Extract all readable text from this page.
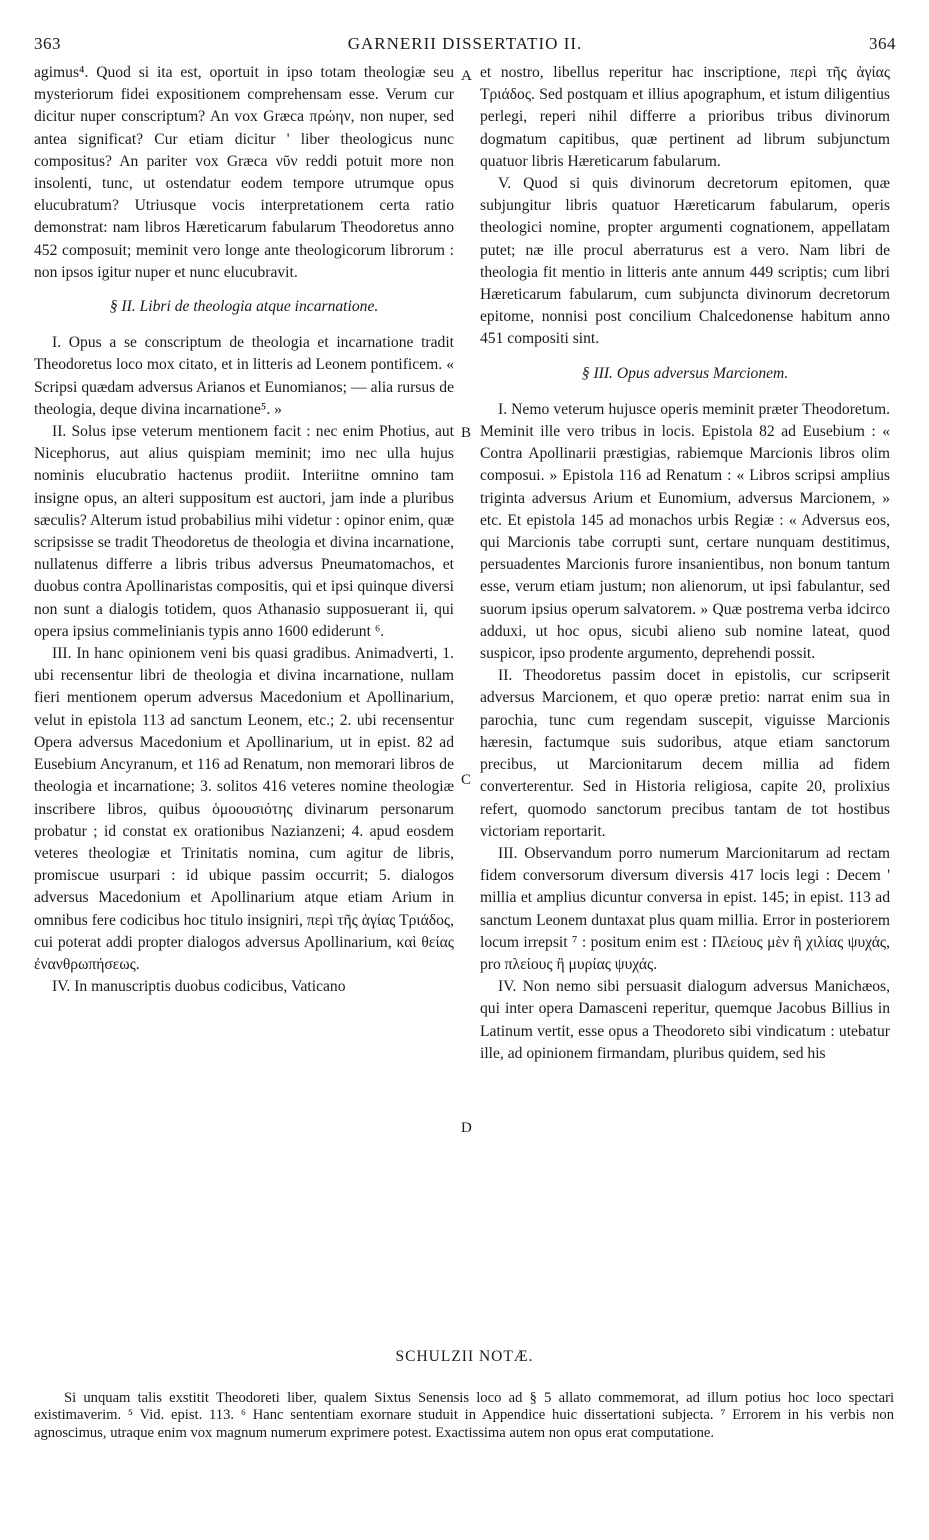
363	GARNERII DISSERTATIO II.	364

agimus⁴. Quod si ita est, oportuit in ipso totam theologiæ seu mysteriorum fidei expositionem comprehensam esse. Verum cur dicitur nuper conscriptum? An vox Græca πρώην, non nuper, sed antea significat? Cur etiam dicitur ' liber theologicus nunc compositus? An pariter vox Græca νῦν reddi potuit more non insolenti, tunc, ut ostendatur eodem tempore utrumque opus elucubratum? Utriusque vocis interpretationem certa ratio demonstrat: nam libros Hæreticarum fabularum Theodoretus anno 452 composuit; meminit vero longe ante theologicorum librorum : non ipsos igitur nuper et nunc elucubravit.

§ II. Libri de theologia atque incarnatione.

I. Opus a se conscriptum de theologia et incarnatione tradit Theodoretus loco mox citato, et in litteris ad Leonem pontificem. « Scripsi quædam adversus Arianos et Eunomianos; — alia rursus de theologia, deque divina incarnatione⁵. »

II. Solus ipse veterum mentionem facit : nec enim Photius, aut Nicephorus, aut alius quispiam meminit; imo nec ulla hujus nominis elucubratio hactenus prodiit. Interiitne omnino tam insigne opus, an alteri suppositum est auctori, jam inde a pluribus sæculis? Alterum istud probabilius mihi videtur : opinor enim, quæ scripsisse se tradit Theodoretus de theologia et divina incarnatione, nullatenus differre a libris tribus adversus Pneumatomachos, et duobus contra Apollinaristas compositis, qui et ipsi quinque diversi non sunt a dialogis totidem, quos Athanasio supposuerant ii, qui opera ipsius commelinianis typis anno 1600 ediderunt ⁶.

III. In hanc opinionem veni bis quasi gradibus. Animadverti, 1. ubi recensentur libri de theologia et divina incarnatione, nullam fieri mentionem operum adversus Macedonium et Apollinarium, velut in epistola 113 ad sanctum Leonem, etc.; 2. ubi recensentur Opera adversus Macedonium et Apollinarium, ut in epist. 82 ad Eusebium Ancyranum, et 116 ad Renatum, non memorari libros de theologia et incarnatione; 3. solitos 416 veteres nomine theologiæ inscribere libros, quibus ὁμοουσιότης divinarum personarum probatur ; id constat ex orationibus Nazianzeni; 4. apud eosdem veteres theologiæ et Trinitatis nomina, cum agitur de libris, promiscue usurpari : id ubique passim occurrit; 5. dialogos adversus Macedonium et Apollinarium atque etiam Arium in omnibus fere codicibus hoc titulo insigniri, περὶ τῆς ἁγίας Τριάδος, cui poterat addi propter dialogos adversus Apollinarium, καὶ θείας ἐνανθρωπήσεως.

IV. In manuscriptis duobus codicibus, Vaticano

et nostro, libellus reperitur hac inscriptione, περὶ τῆς ἁγίας Τριάδος. Sed postquam et illius apographum, et istum diligentius perlegi, reperi nihil differre a prioribus tribus divinorum dogmatum capitibus, quæ pertinent ad librum subjunctum quatuor libris Hæreticarum fabularum.

V. Quod si quis divinorum decretorum epitomen, quæ subjungitur libris quatuor Hæreticarum fabularum, operis theologici nomine, propter argumenti cognationem, appellatam putet; næ ille procul aberraturus est a vero. Nam libri de theologia fit mentio in litteris ante annum 449 scriptis; cum libri Hæreticarum fabularum, cum subjuncta divinorum decretorum epitome, nonnisi post concilium Chalcedonense habitum anno 451 compositi sint.

§ III. Opus adversus Marcionem.

I. Nemo veterum hujusce operis meminit præter Theodoretum. Meminit ille vero tribus in locis. Epistola 82 ad Eusebium : « Contra Apollinarii præstigias, rabiemque Marcionis libros olim composui. » Epistola 116 ad Renatum : « Libros scripsi amplius triginta adversus Arium et Eunomium, adversus Marcionem, » etc. Et epistola 145 ad monachos urbis Regiæ : « Adversus eos, qui Marcionis tabe corrupti sunt, certare nunquam destitimus, persuadentes Marcionis furore insanientibus, non bonum tantum esse, verum etiam justum; non alienorum, ut ipsi fabulantur, sed suorum ipsius operum salvatorem. » Quæ postrema verba idcirco adduxi, ut hoc opus, sicubi alieno sub nomine lateat, quod suspicor, ipso prodente argumento, deprehendi possit.

II. Theodoretus passim docet in epistolis, cur scripserit adversus Marcionem, et quo operæ pretio: narrat enim sua in parochia, tunc cum regendam suscepit, viguisse Marcionis hæresin, factumque suis sudoribus, atque etiam sanctorum precibus, ut Marcionitarum decem millia ad fidem converterentur. Sed in Historia religiosa, capite 20, prolixius refert, quomodo sanctorum precibus tantam de tot hostibus victoriam reportarit.

III. Observandum porro numerum Marcionitarum ad rectam fidem conversorum diversum diversis 417 locis legi : Decem ' millia et amplius dicuntur conversa in epist. 145; in epist. 113 ad sanctum Leonem duntaxat plus quam millia. Error in posteriorem locum irrepsit ⁷ : positum enim est : Πλείους μὲν ἢ χιλίας ψυχάς, pro πλείους ἢ μυρίας ψυχάς.

IV. Non nemo sibi persuasit dialogum adversus Manichæos, qui inter opera Damasceni reperitur, quemque Jacobus Billius in Latinum vertit, esse opus a Theodoreto sibi vindicatum : utebatur ille, ad opinionem firmandam, pluribus quidem, sed his

A
B
C
D
SCHULZII NOTÆ.

Si unquam talis exstitit Theodoreti liber, qualem Sixtus Senensis loco ad § 5 allato commemorat, ad illum potius hoc loco spectari existimaverim. ⁵ Vid. epist. 113. ⁶ Hanc sententiam exornare studuit in Appendice huic dissertationi subjecta. ⁷ Errorem in his verbis non agnoscimus, utraque enim vox magnum numerum exprimere potest. Exactissima autem non opus erat computatione.
